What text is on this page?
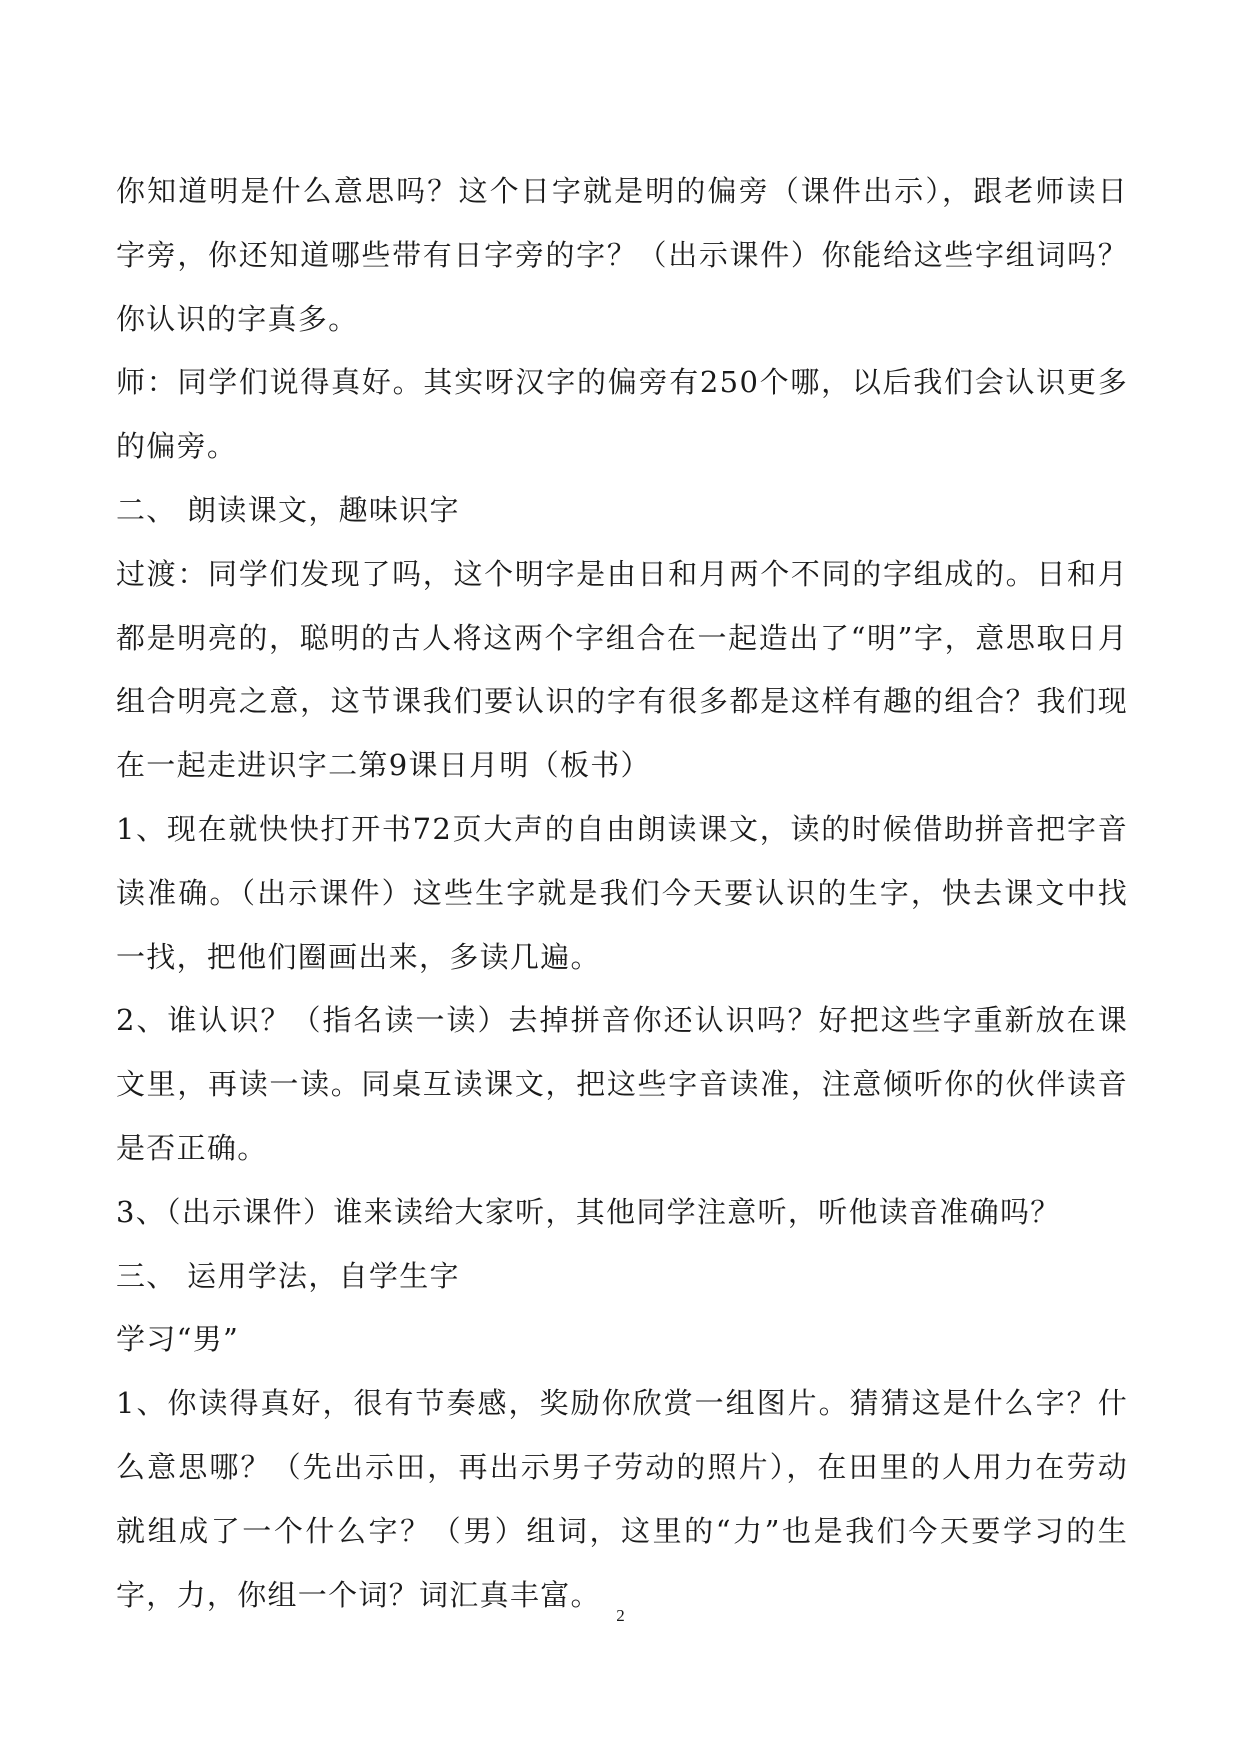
你知道明是什么意思吗？这个日字就是明的偏旁（课件出示），跟老师读日字旁，你还知道哪些带有日字旁的字？（出示课件）你能给这些字组词吗？你认识的字真多。

师：同学们说得真好。其实呀汉字的偏旁有250个哪，以后我们会认识更多的偏旁。

二、 朗读课文，趣味识字

过渡：同学们发现了吗，这个明字是由日和月两个不同的字组成的。日和月都是明亮的，聪明的古人将这两个字组合在一起造出了“明”字，意思取日月组合明亮之意，这节课我们要认识的字有很多都是这样有趣的组合？我们现在一起走进识字二第9课日月明（板书）

1、现在就快快打开书72页大声的自由朗读课文，读的时候借助拼音把字音读准确。（出示课件）这些生字就是我们今天要认识的生字，快去课文中找一找，把他们圈画出来，多读几遍。

2、谁认识？（指名读一读）去掉拼音你还认识吗？好把这些字重新放在课文里，再读一读。同桌互读课文，把这些字音读准，注意倾听你的伙伴读音是否正确。

3、（出示课件）谁来读给大家听，其他同学注意听，听他读音准确吗？

三、 运用学法，自学生字

学习“男”

1、你读得真好，很有节奏感，奖励你欣赏一组图片。猜猜这是什么字？什么意思哪？（先出示田，再出示男子劳动的照片），在田里的人用力在劳动就组成了一个什么字？（男）组词，这里的“力”也是我们今天要学习的生字，力，你组一个词？词汇真丰富。

2
